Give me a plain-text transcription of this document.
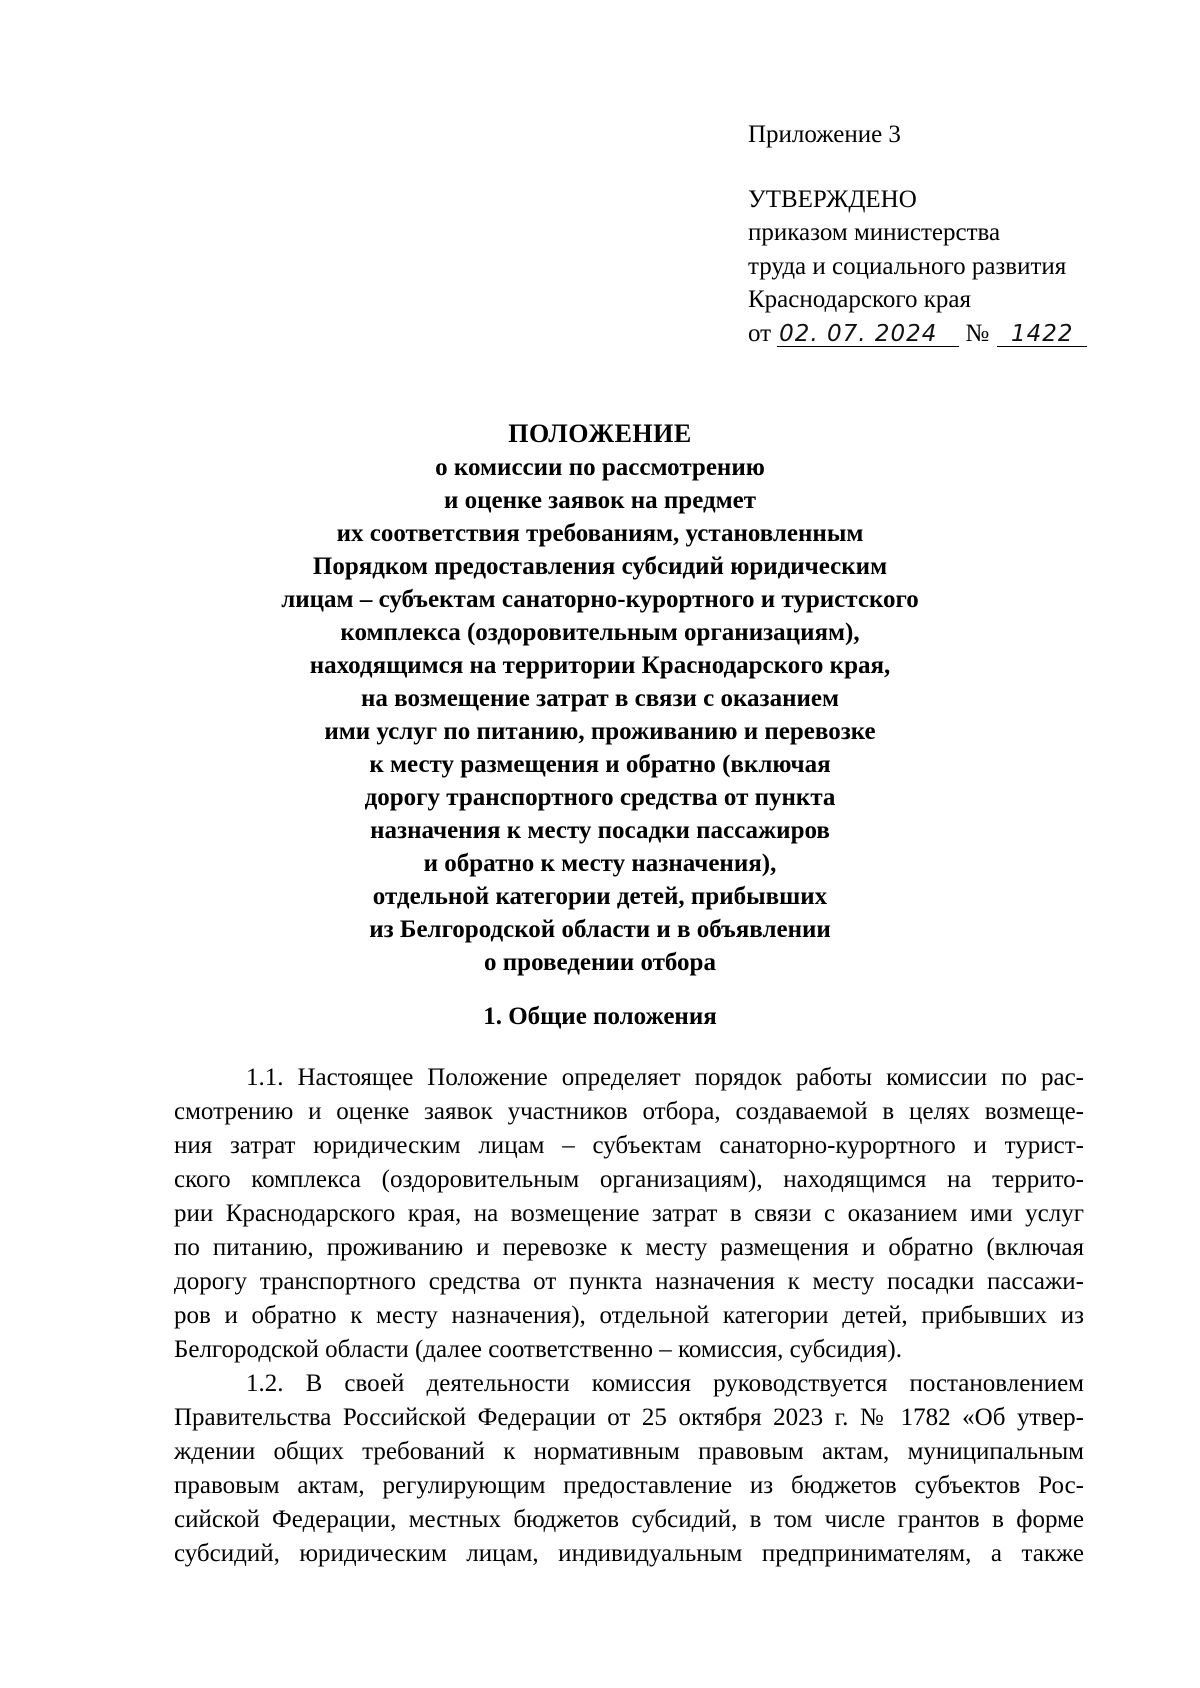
Приложение 3
УТВЕРЖДЕНО
приказом министерства
труда и социального развития
Краснодарского края
от 02. 07. 2024 № 1422
ПОЛОЖЕНИЕ
о комиссии по рассмотрению
и оценке заявок на предмет
их соответствия требованиям, установленным
Порядком предоставления субсидий юридическим
лицам – субъектам санаторно-курортного и туристского
комплекса (оздоровительным организациям),
находящимся на территории Краснодарского края,
на возмещение затрат в связи с оказанием
ими услуг по питанию, проживанию и перевозке
к месту размещения и обратно (включая
дорогу транспортного средства от пункта
назначения к месту посадки пассажиров
и обратно к месту назначения),
отдельной категории детей, прибывших
из Белгородской области и в объявлении
о проведении отбора
1. Общие положения
1.1. Настоящее Положение определяет порядок работы комиссии по рас-
смотрению и оценке заявок участников отбора, создаваемой в целях возмеще-
ния затрат юридическим лицам – субъектам санаторно-курортного и турист-
ского комплекса (оздоровительным организациям), находящимся на террито-
рии Краснодарского края, на возмещение затрат в связи с оказанием ими услуг
по питанию, проживанию и перевозке к месту размещения и обратно (включая
дорогу транспортного средства от пункта назначения к месту посадки пассажи-
ров и обратно к месту назначения), отдельной категории детей, прибывших из
Белгородской области (далее соответственно – комиссия, субсидия).
1.2. В своей деятельности комиссия руководствуется постановлением
Правительства Российской Федерации от 25 октября 2023 г. № 1782 «Об утвер-
ждении общих требований к нормативным правовым актам, муниципальным
правовым актам, регулирующим предоставление из бюджетов субъектов Рос-
сийской Федерации, местных бюджетов субсидий, в том числе грантов в форме
субсидий, юридическим лицам, индивидуальным предпринимателям, а также
